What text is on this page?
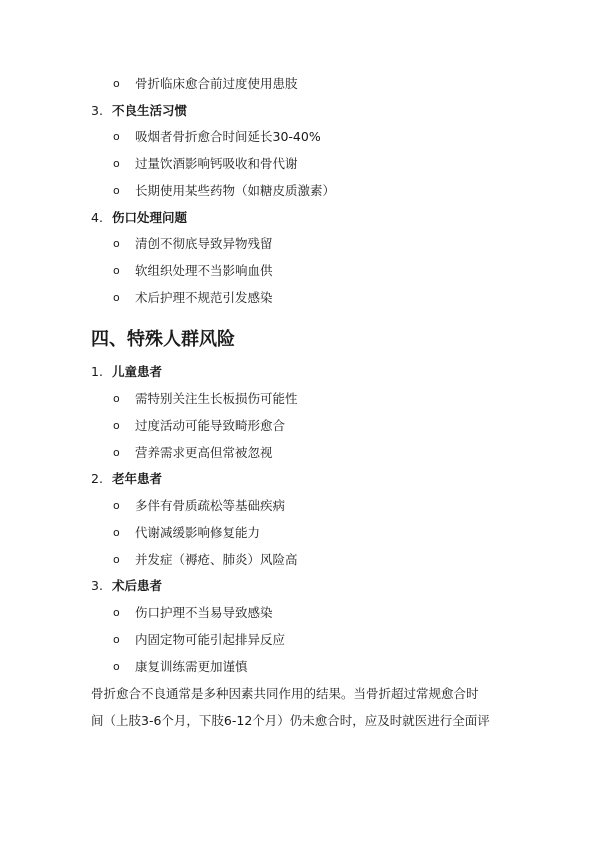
o 骨折临床愈合前过度使用患肢
3. 不良生活习惯
o 吸烟者骨折愈合时间延长30-40%
o 过量饮酒影响钙吸收和骨代谢
o 长期使用某些药物（如糖皮质激素）
4. 伤口处理问题
o 清创不彻底导致异物残留
o 软组织处理不当影响血供
o 术后护理不规范引发感染
四、特殊人群风险
1. 儿童患者
o 需特别关注生长板损伤可能性
o 过度活动可能导致畸形愈合
o 营养需求更高但常被忽视
2. 老年患者
o 多伴有骨质疏松等基础疾病
o 代谢减缓影响修复能力
o 并发症（褥疮、肺炎）风险高
3. 术后患者
o 伤口护理不当易导致感染
o 内固定物可能引起排异反应
o 康复训练需更加谨慎
骨折愈合不良通常是多种因素共同作用的结果。当骨折超过常规愈合时
间（上肢3-6个月，下肢6-12个月）仍未愈合时，应及时就医进行全面评
